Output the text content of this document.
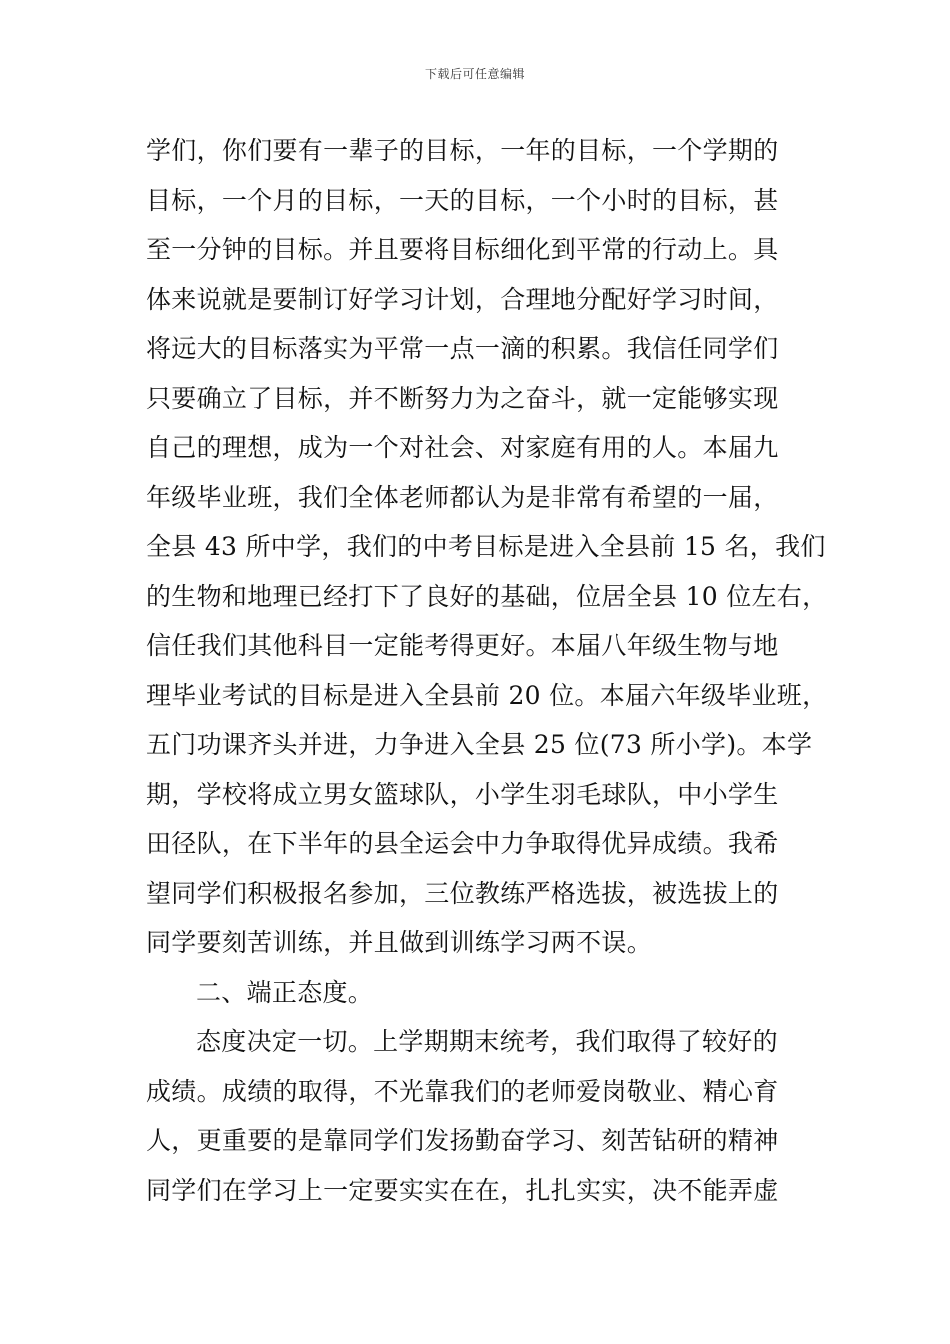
下载后可任意编辑
学们，你们要有一辈子的目标，一年的目标，一个学期的
目标，一个月的目标，一天的目标，一个小时的目标，甚
至一分钟的目标。并且要将目标细化到平常的行动上。具
体来说就是要制订好学习计划，合理地分配好学习时间，
将远大的目标落实为平常一点一滴的积累。我信任同学们
只要确立了目标，并不断努力为之奋斗，就一定能够实现
自己的理想，成为一个对社会、对家庭有用的人。本届九
年级毕业班，我们全体老师都认为是非常有希望的一届，
全县 43 所中学，我们的中考目标是进入全县前 15 名，我们
的生物和地理已经打下了良好的基础，位居全县 10 位左右，
信任我们其他科目一定能考得更好。本届八年级生物与地
理毕业考试的目标是进入全县前 20 位。本届六年级毕业班，
五门功课齐头并进，力争进入全县 25 位(73 所小学)。本学
期，学校将成立男女篮球队，小学生羽毛球队，中小学生
田径队，在下半年的县全运会中力争取得优异成绩。我希
望同学们积极报名参加，三位教练严格选拔，被选拔上的
同学要刻苦训练，并且做到训练学习两不误。
二、端正态度。
态度决定一切。上学期期末统考，我们取得了较好的
成绩。成绩的取得，不光靠我们的老师爱岗敬业、精心育
人，更重要的是靠同学们发扬勤奋学习、刻苦钻研的精神
同学们在学习上一定要实实在在，扎扎实实，决不能弄虚
